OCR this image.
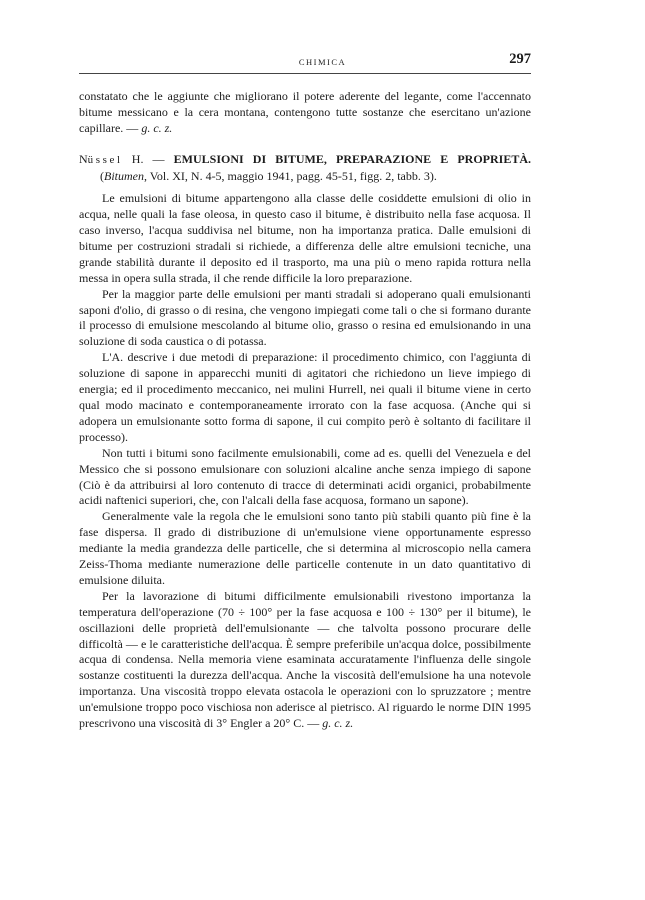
CHIMICA	297

constatato che le aggiunte che migliorano il potere aderente del legante, come l'accennato bitume messicano e la cera montana, contengono tutte sostanze che esercitano un'azione capillare. — g. c. z.

Nüssel H. — EMULSIONI DI BITUME, PREPARAZIONE E PROPRIETÀ. (Bitumen, Vol. XI, N. 4-5, maggio 1941, pagg. 45-51, figg. 2, tabb. 3).

Le emulsioni di bitume appartengono alla classe delle cosiddette emulsioni di olio in acqua, nelle quali la fase oleosa, in questo caso il bitume, è distribuito nella fase acquosa. Il caso inverso, l'acqua suddivisa nel bitume, non ha importanza pratica. Dalle emulsioni di bitume per costruzioni stradali si richiede, a differenza delle altre emulsioni tecniche, una grande stabilità durante il deposito ed il trasporto, ma una più o meno rapida rottura nella messa in opera sulla strada, il che rende difficile la loro preparazione.

Per la maggior parte delle emulsioni per manti stradali si adoperano quali emulsionanti saponi d'olio, di grasso o di resina, che vengono impiegati come tali o che si formano durante il processo di emulsione mescolando al bitume olio, grasso o resina ed emulsionando in una soluzione di soda caustica o di potassa.

L'A. descrive i due metodi di preparazione: il procedimento chimico, con l'aggiunta di soluzione di sapone in apparecchi muniti di agitatori che richiedono un lieve impiego di energia; ed il procedimento meccanico, nei mulini Hurrell, nei quali il bitume viene in certo qual modo macinato e contemporaneamente irrorato con la fase acquosa. (Anche qui si adopera un emulsionante sotto forma di sapone, il cui compito però è soltanto di facilitare il processo).

Non tutti i bitumi sono facilmente emulsionabili, come ad es. quelli del Venezuela e del Messico che si possono emulsionare con soluzioni alcaline anche senza impiego di sapone (Ciò è da attribuirsi al loro contenuto di tracce di determinati acidi organici, probabilmente acidi naftenici superiori, che, con l'alcali della fase acquosa, formano un sapone).

Generalmente vale la regola che le emulsioni sono tanto più stabili quanto più fine è la fase dispersa. Il grado di distribuzione di un'emulsione viene opportunamente espresso mediante la media grandezza delle particelle, che si determina al microscopio nella camera Zeiss-Thoma mediante numerazione delle particelle contenute in un dato quantitativo di emulsione diluita.

Per la lavorazione di bitumi difficilmente emulsionabili rivestono importanza la temperatura dell'operazione (70 ÷ 100° per la fase acquosa e 100 ÷ 130° per il bitume), le oscillazioni delle proprietà dell'emulsionante — che talvolta possono procurare delle difficoltà — e le caratteristiche dell'acqua. È sempre preferibile un'acqua dolce, possibilmente acqua di condensa. Nella memoria viene esaminata accuratamente l'influenza delle singole sostanze costituenti la durezza dell'acqua. Anche la viscosità dell'emulsione ha una notevole importanza. Una viscosità troppo elevata ostacola le operazioni con lo spruzzatore ; mentre un'emulsione troppo poco vischiosa non aderisce al pietrisco. Al riguardo le norme DIN 1995 prescrivono una viscosità di 3° Engler a 20° C. — g. c. z.
